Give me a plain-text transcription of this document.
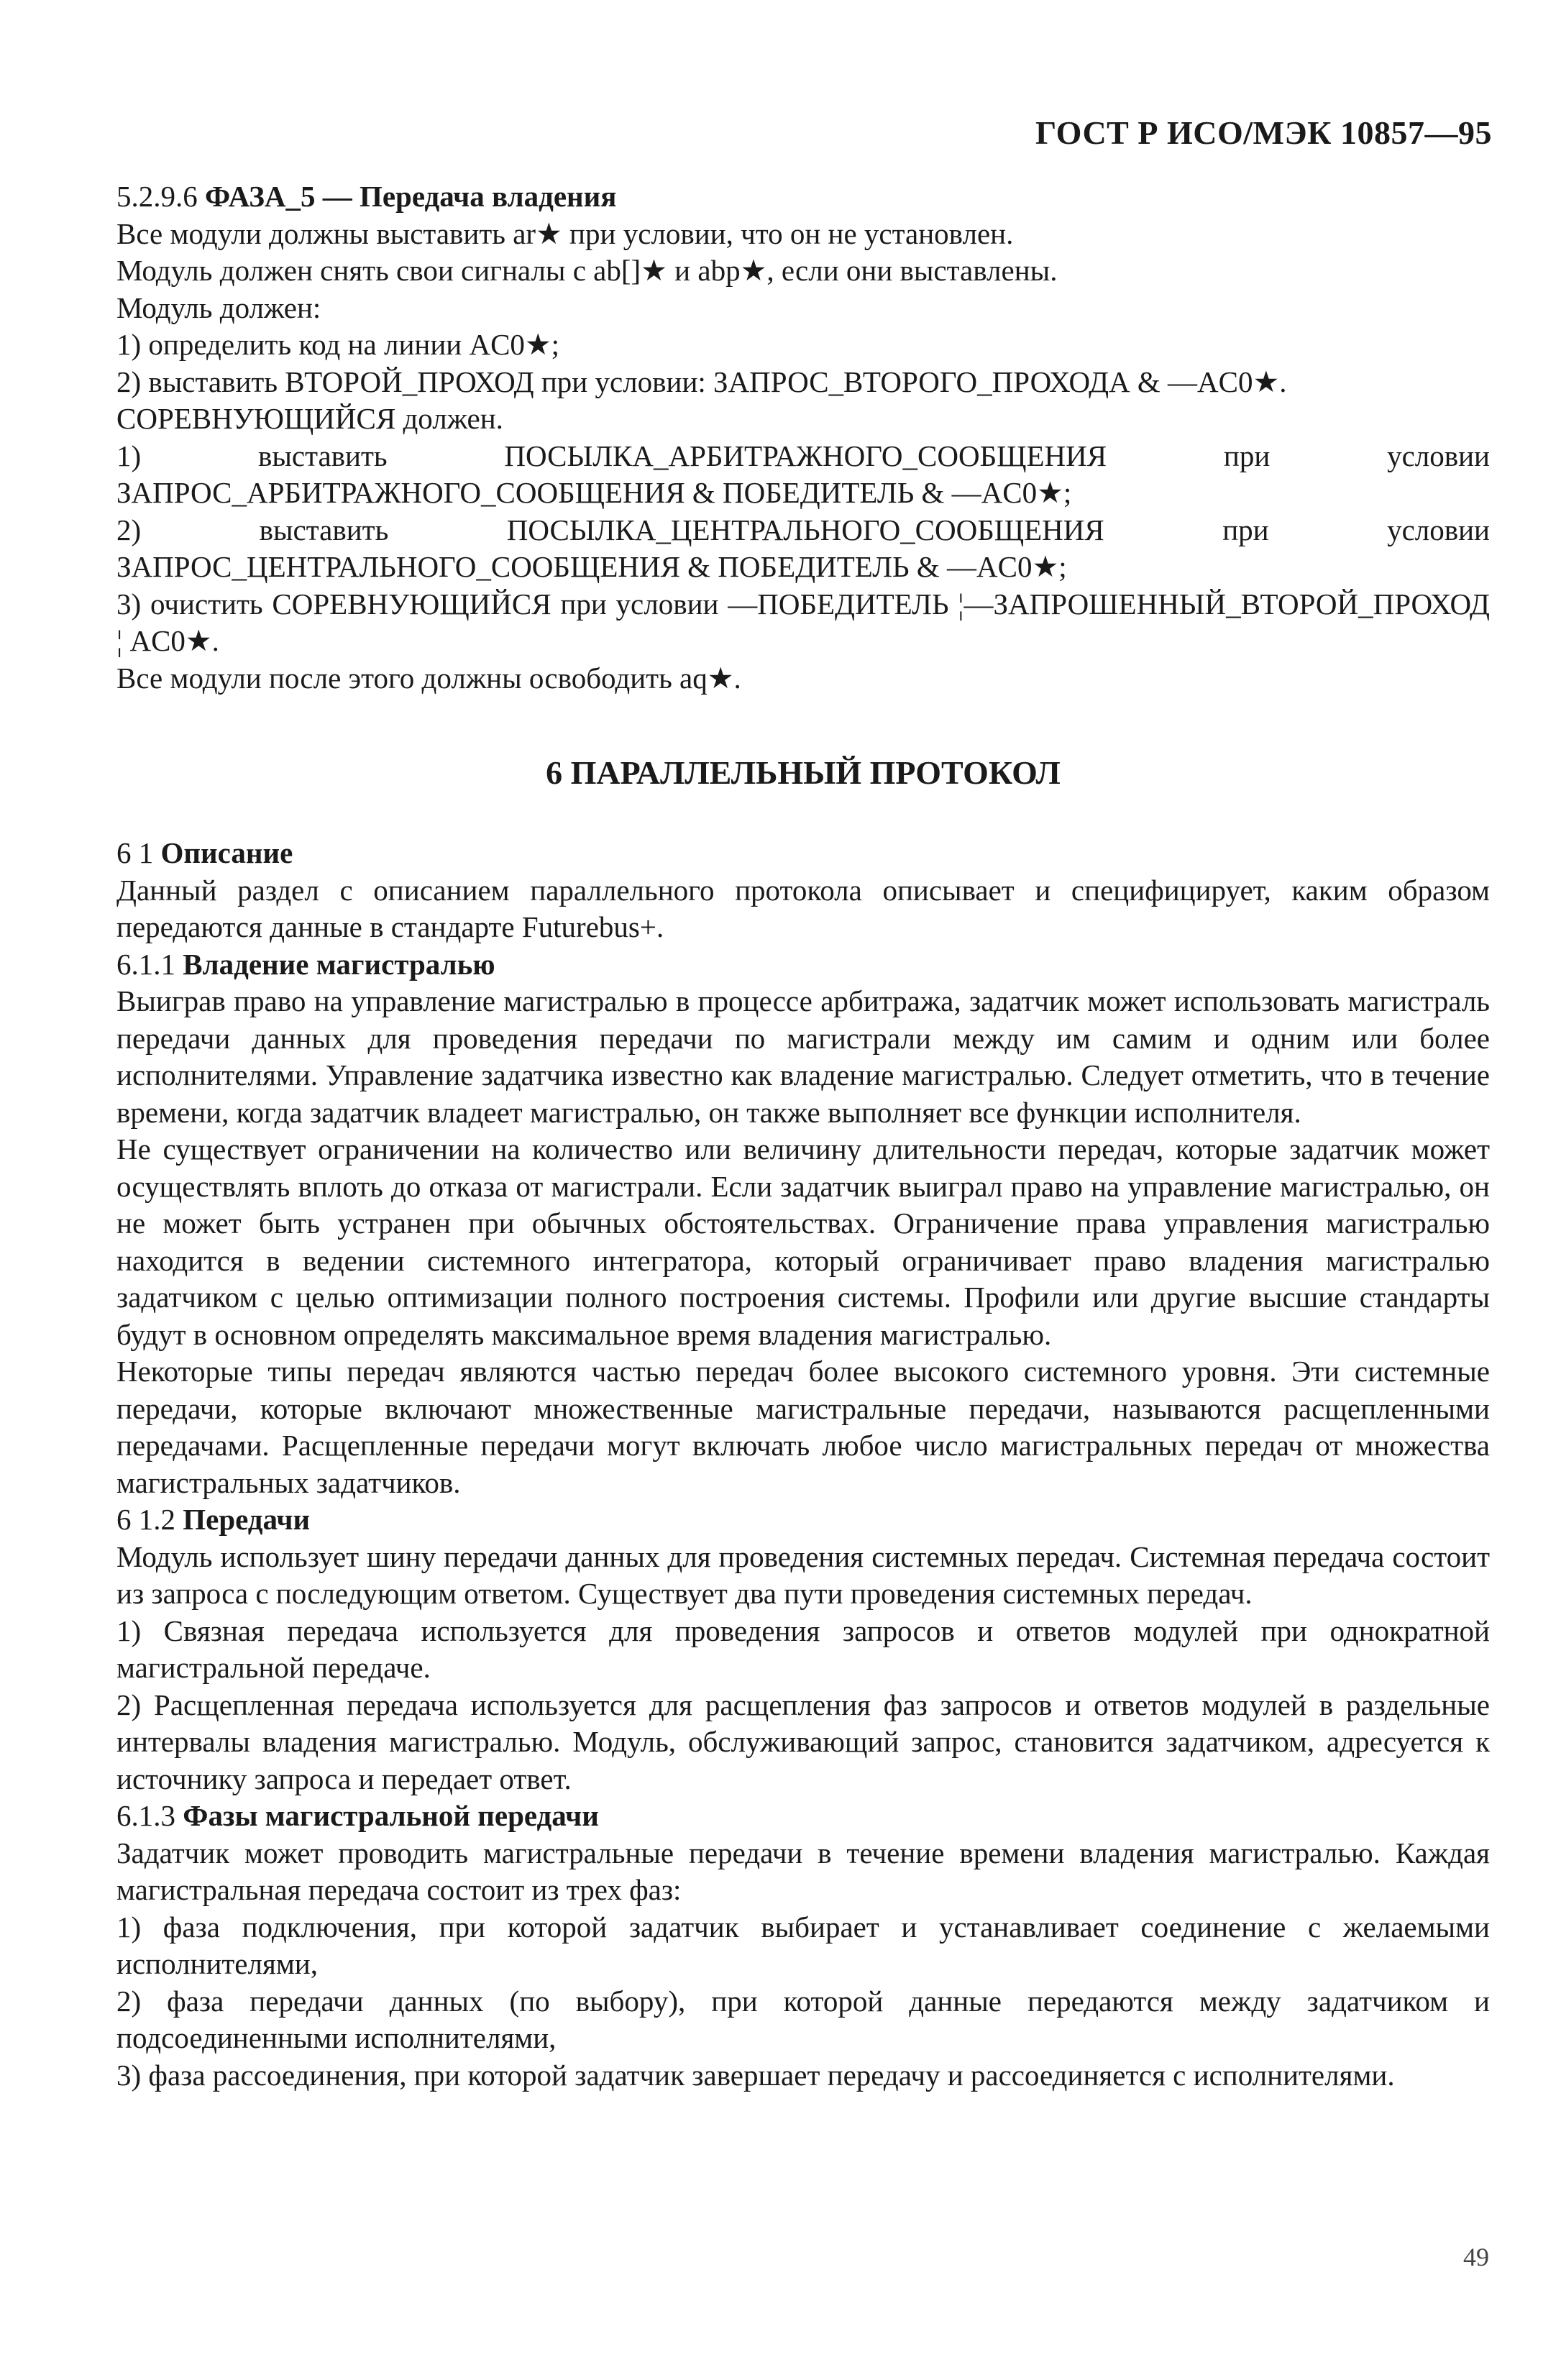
ГОСТ Р ИСО/МЭК 10857—95

5.2.9.6 ФАЗА_5 — Передача владения

Все модули должны выставить ar★ при условии, что он не установлен.

Модуль должен снять свои сигналы с ab[]★ и abp★, если они выставлены.

Модуль должен:

1) определить код на линии AC0★;

2) выставить ВТОРОЙ_ПРОХОД при условии: ЗАПРОС_ВТОРОГО_ПРОХОДА & —AC0★.

СОРЕВНУЮЩИЙСЯ должен.

1) выставить ПОСЫЛКА_АРБИТРАЖНОГО_СООБЩЕНИЯ при условии ЗАПРОС_АРБИТРАЖНОГО_СООБЩЕНИЯ & ПОБЕДИТЕЛЬ & —AC0★;

2) выставить ПОСЫЛКА_ЦЕНТРАЛЬНОГО_СООБЩЕНИЯ при условии ЗАПРОС_ЦЕНТРАЛЬНОГО_СООБЩЕНИЯ & ПОБЕДИТЕЛЬ & —AC0★;

3) очистить СОРЕВНУЮЩИЙСЯ при условии —ПОБЕДИТЕЛЬ ¦—ЗАПРОШЕННЫЙ_ВТОРОЙ_ПРОХОД ¦ AC0★.

Все модули после этого должны освободить aq★.

6 ПАРАЛЛЕЛЬНЫЙ ПРОТОКОЛ

6 1 Описание

Данный раздел с описанием параллельного протокола описывает и специфицирует, каким образом передаются данные в стандарте Futurebus+.

6.1.1 Владение магистралью

Выиграв право на управление магистралью в процессе арбитража, задатчик может использовать магистраль передачи данных для проведения передачи по магистрали между им самим и одним или более исполнителями. Управление задатчика известно как владение магистралью. Следует отметить, что в течение времени, когда задатчик владеет магистралью, он также выполняет все функции исполнителя.

Не существует ограничении на количество или величину длительности передач, которые задатчик может осуществлять вплоть до отказа от магистрали. Если задатчик выиграл право на управление магистралью, он не может быть устранен при обычных обстоятельствах. Ограничение права управления магистралью находится в ведении системного интегратора, который ограничивает право владения магистралью задатчиком с целью оптимизации полного построения системы. Профили или другие высшие стандарты будут в основном определять максимальное время владения магистралью.

Некоторые типы передач являются частью передач более высокого системного уровня. Эти системные передачи, которые включают множественные магистральные передачи, называются расщепленными передачами. Расщепленные передачи могут включать любое число магистральных передач от множества магистральных задатчиков.

6 1.2 Передачи

Модуль использует шину передачи данных для проведения системных передач. Системная передача состоит из запроса с последующим ответом. Существует два пути проведения системных передач.

1) Связная передача используется для проведения запросов и ответов модулей при однократной магистральной передаче.

2) Расщепленная передача используется для расщепления фаз запросов и ответов модулей в раздельные интервалы владения магистралью. Модуль, обслуживающий запрос, становится задатчиком, адресуется к источнику запроса и передает ответ.

6.1.3 Фазы магистральной передачи

Задатчик может проводить магистральные передачи в течение времени владения магистралью. Каждая магистральная передача состоит из трех фаз:

1) фаза подключения, при которой задатчик выбирает и устанавливает соединение с желаемыми исполнителями,

2) фаза передачи данных (по выбору), при которой данные передаются между задатчиком и подсоединенными исполнителями,

3) фаза рассоединения, при которой задатчик завершает передачу и рассоединяется с исполнителями.

49
